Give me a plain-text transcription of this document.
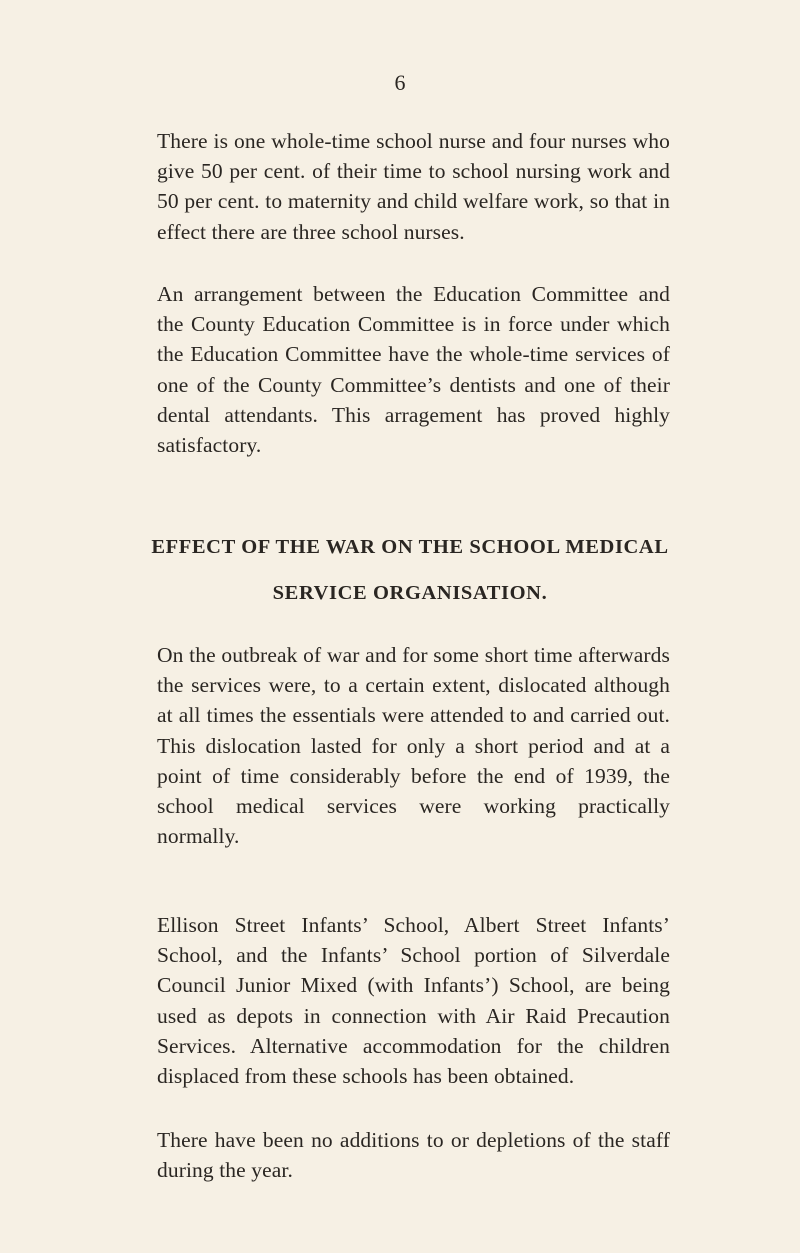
6

There is one whole-time school nurse and four nurses who give 50 per cent. of their time to school nursing work and 50 per cent. to maternity and child welfare work, so that in effect there are three school nurses.

An arrangement between the Education Committee and the County Education Committee is in force under which the Education Committee have the whole-time services of one of the County Committee’s dentists and one of their dental attendants. This arragement has proved highly satisfactory.

EFFECT OF THE WAR ON THE SCHOOL MEDICAL
SERVICE ORGANISATION.

On the outbreak of war and for some short time afterwards the services were, to a certain extent, dislocated although at all times the essentials were attended to and carried out. This dislocation lasted for only a short period and at a point of time considerably before the end of 1939, the school medical services were working practically normally.

Ellison Street Infants’ School, Albert Street Infants’ School, and the Infants’ School portion of Silverdale Council Junior Mixed (with Infants’) School, are being used as depots in connection with Air Raid Precaution Services. Alternative accommodation for the children displaced from these schools has been obtained.

There have been no additions to or depletions of the staff during the year.
